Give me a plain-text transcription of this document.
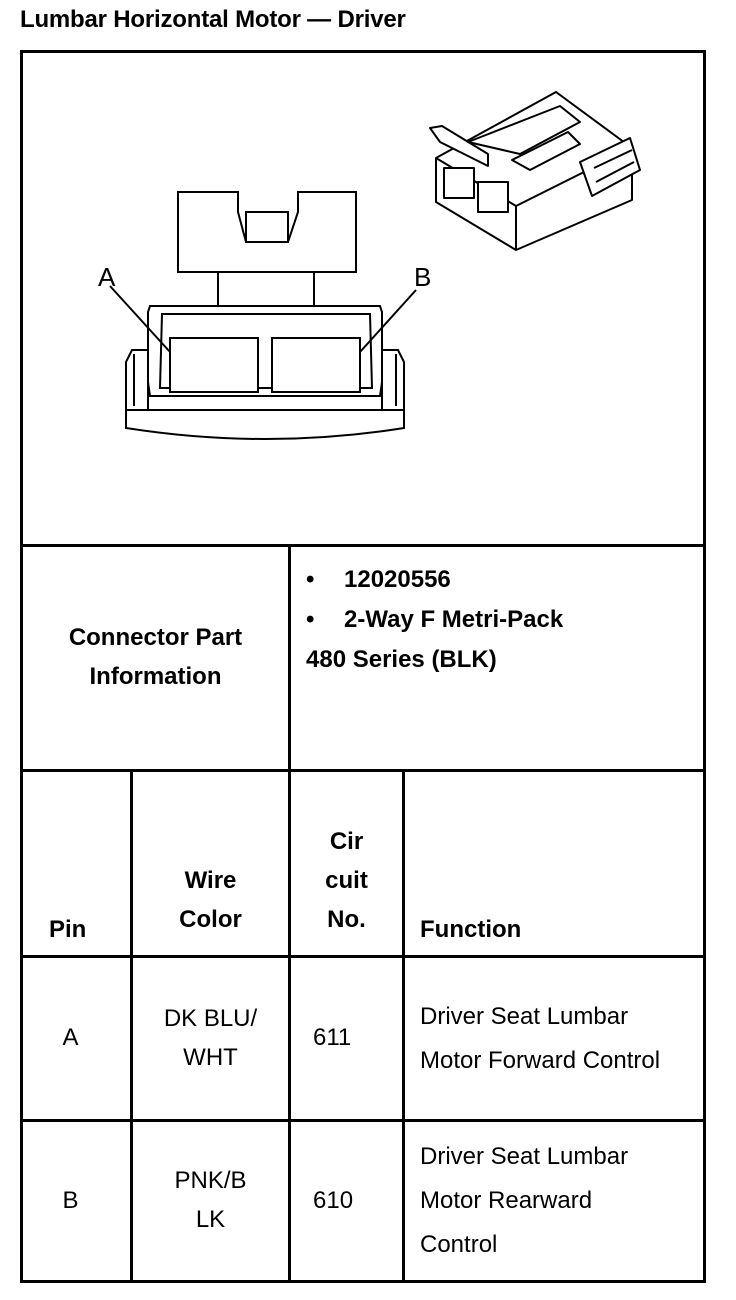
Lumbar Horizontal Motor — Driver
A	B
Connector Part Information
• 12020556
• 2-Way F Metri-Pack
480 Series (BLK)
Pin
Wire Color
Cir cuit No.	Function
A
DK BLU/ WHT
611
Driver Seat Lumbar Motor Forward Control
B
PNK/B LK
610
Driver Seat Lumbar Motor Rearward Control
